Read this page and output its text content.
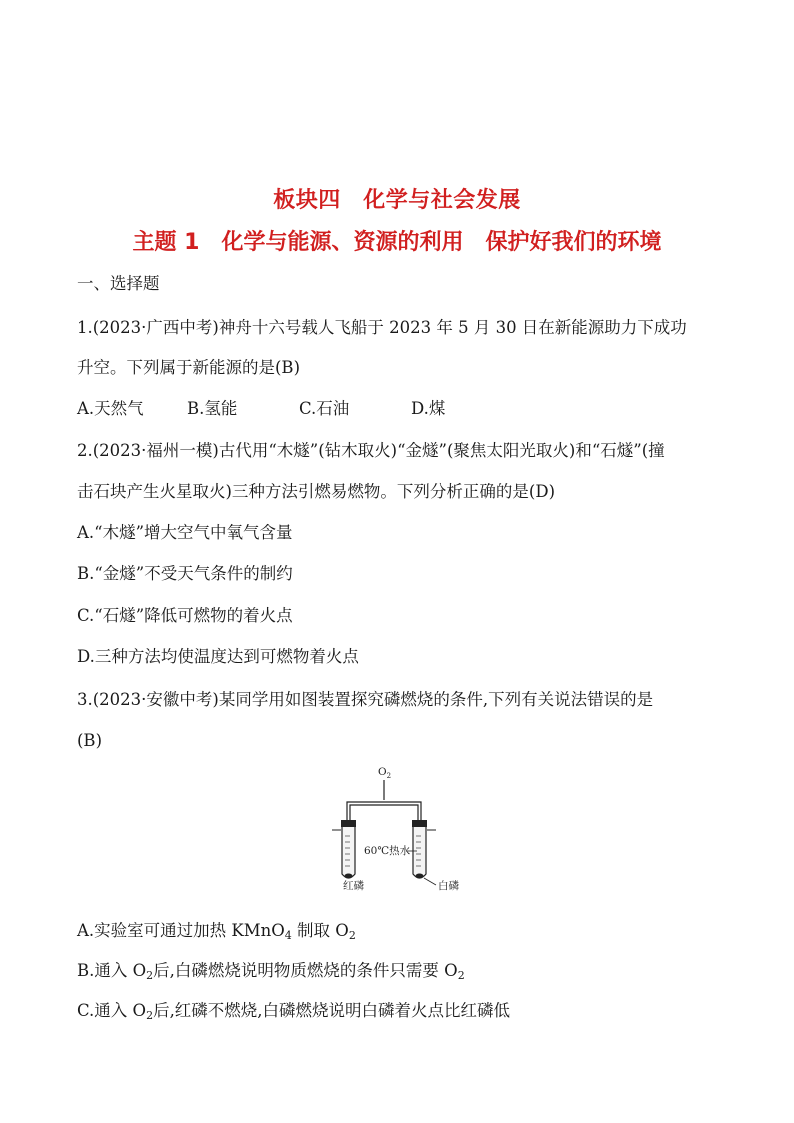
板块四　化学与社会发展
主题 1　化学与能源、资源的利用　保护好我们的环境
一、选择题
1.(2023·广西中考)神舟十六号载人飞船于 2023 年 5 月 30 日在新能源助力下成功
升空。下列属于新能源的是(B)
A.天然气	B.氢能	C.石油	D.煤
2.(2023·福州一模)古代用“木燧”(钻木取火)“金燧”(聚焦太阳光取火)和“石燧”(撞
击石块产生火星取火)三种方法引燃易燃物。下列分析正确的是(D)
A.“木燧”增大空气中氧气含量
B.“金燧”不受天气条件的制约
C.“石燧”降低可燃物的着火点
D.三种方法均使温度达到可燃物着火点
3.(2023·安徽中考)某同学用如图装置探究磷燃烧的条件,下列有关说法错误的是
(B)
$O_2$
60℃热水
红磷	白磷
A.实验室可通过加热 KMnO$_4$ 制取 $O_2$
B.通入 $O_2$后,白磷燃烧说明物质燃烧的条件只需要 $O_2$
C.通入 $O_2$后,红磷不燃烧,白磷燃烧说明白磷着火点比红磷低
